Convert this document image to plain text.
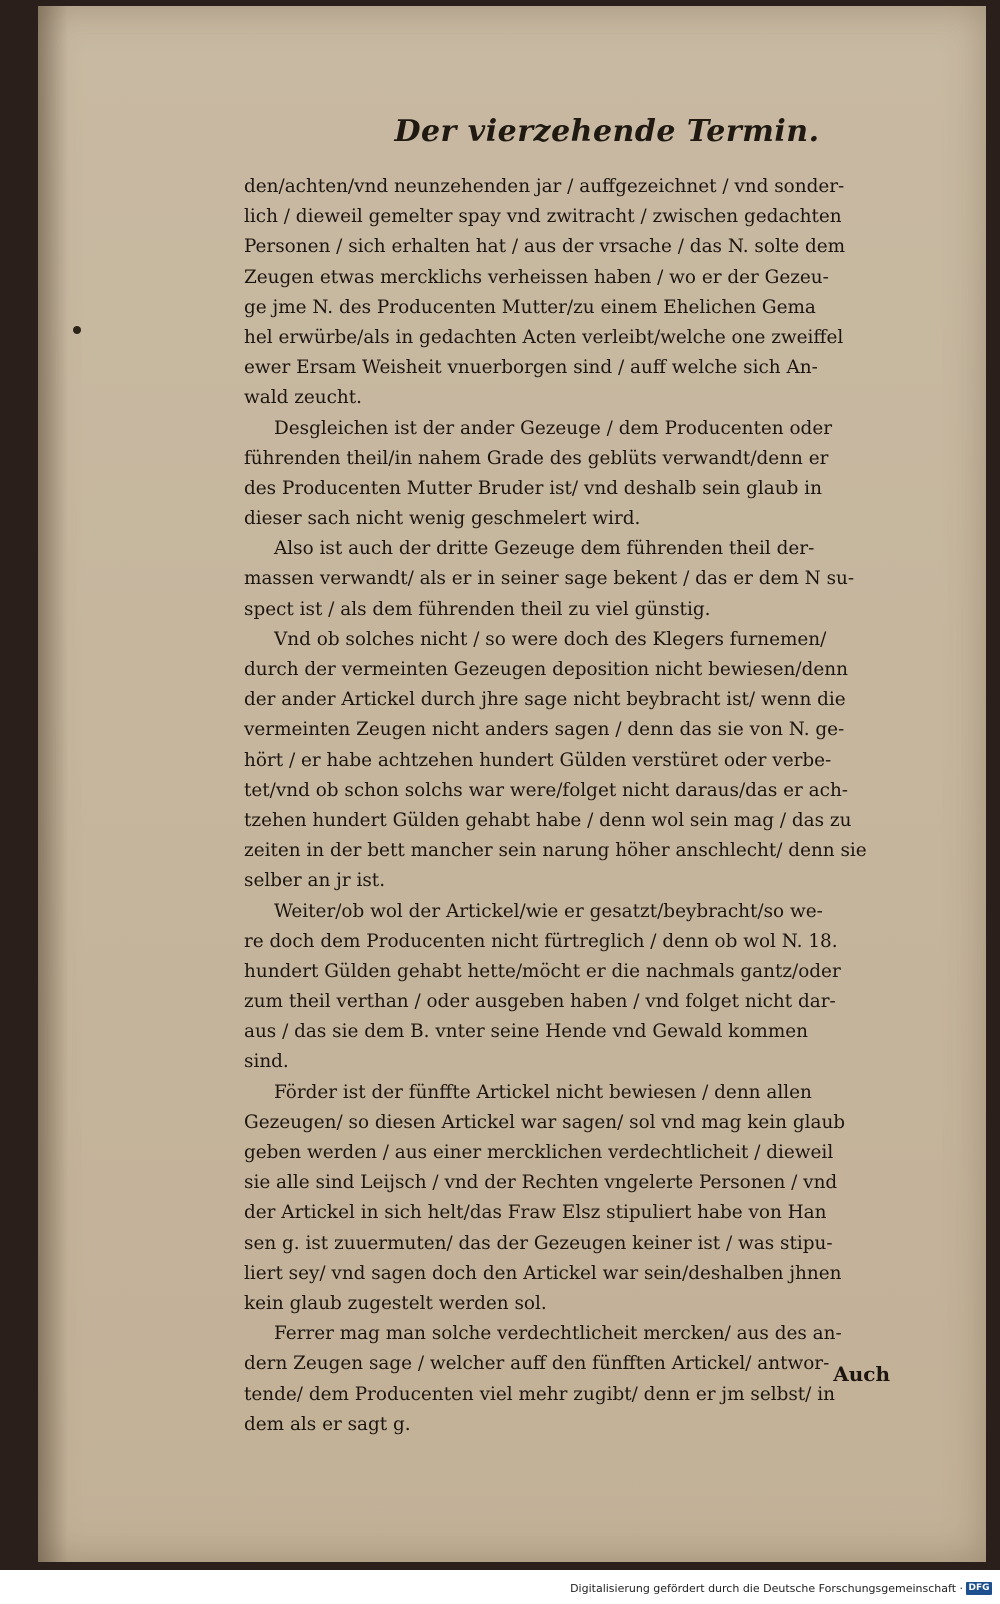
Der vierzehende Termin.
den/achten/vnd neunzehenden jar / auffgezeichnet / vnd sonder-
lich / dieweil gemelter spay vnd zwitracht / zwischen gedachten
Personen / sich erhalten hat / aus der vrsache / das N. solte dem
Zeugen etwas mercklichs verheissen haben / wo er der Gezeu-
ge jme N. des Producenten Mutter/zu einem Ehelichen Gema
hel erwürbe/als in gedachten Acten verleibt/welche one zweiffel
ewer Ersam Weisheit vnuerborgen sind / auff welche sich An-
wald zeucht.
Desgleichen ist der ander Gezeuge / dem Producenten oder
führenden theil/in nahem Grade des geblüts verwandt/denn er
des Producenten Mutter Bruder ist/ vnd deshalb sein glaub in
dieser sach nicht wenig geschmelert wird.
Also ist auch der dritte Gezeuge dem führenden theil der-
massen verwandt/ als er in seiner sage bekent / das er dem N su-
spect ist / als dem führenden theil zu viel günstig.
Vnd ob solches nicht / so were doch des Klegers furnemen/
durch der vermeinten Gezeugen deposition nicht bewiesen/denn
der ander Artickel durch jhre sage nicht beybracht ist/ wenn die
vermeinten Zeugen nicht anders sagen / denn das sie von N. ge-
hört / er habe achtzehen hundert Gülden verstüret oder verbe-
tet/vnd ob schon solchs war were/folget nicht daraus/das er ach-
tzehen hundert Gülden gehabt habe / denn wol sein mag / das zu
zeiten in der bett mancher sein narung höher anschlecht/ denn sie
selber an jr ist.
Weiter/ob wol der Artickel/wie er gesatzt/beybracht/so we-
re doch dem Producenten nicht fürtreglich / denn ob wol N. 18.
hundert Gülden gehabt hette/möcht er die nachmals gantz/oder
zum theil verthan / oder ausgeben haben / vnd folget nicht dar-
aus / das sie dem B. vnter seine Hende vnd Gewald kommen
sind.
Förder ist der fünffte Artickel nicht bewiesen / denn allen
Gezeugen/ so diesen Artickel war sagen/ sol vnd mag kein glaub
geben werden / aus einer mercklichen verdechtlicheit / dieweil
sie alle sind Leijsch / vnd der Rechten vngelerte Personen / vnd
der Artickel in sich helt/das Fraw Elsz stipuliert habe von Han
sen g. ist zuuermuten/ das der Gezeugen keiner ist / was stipu-
liert sey/ vnd sagen doch den Artickel war sein/deshalben jhnen
kein glaub zugestelt werden sol.
Ferrer mag man solche verdechtlicheit mercken/ aus des an-
dern Zeugen sage / welcher auff den fünfften Artickel/ antwor-
tende/ dem Producenten viel mehr zugibt/ denn er jm selbst/ in
dem als er sagt g.
Auch
Digitalisierung gefördert durch die Deutsche Forschungsgemeinschaft · DFG
